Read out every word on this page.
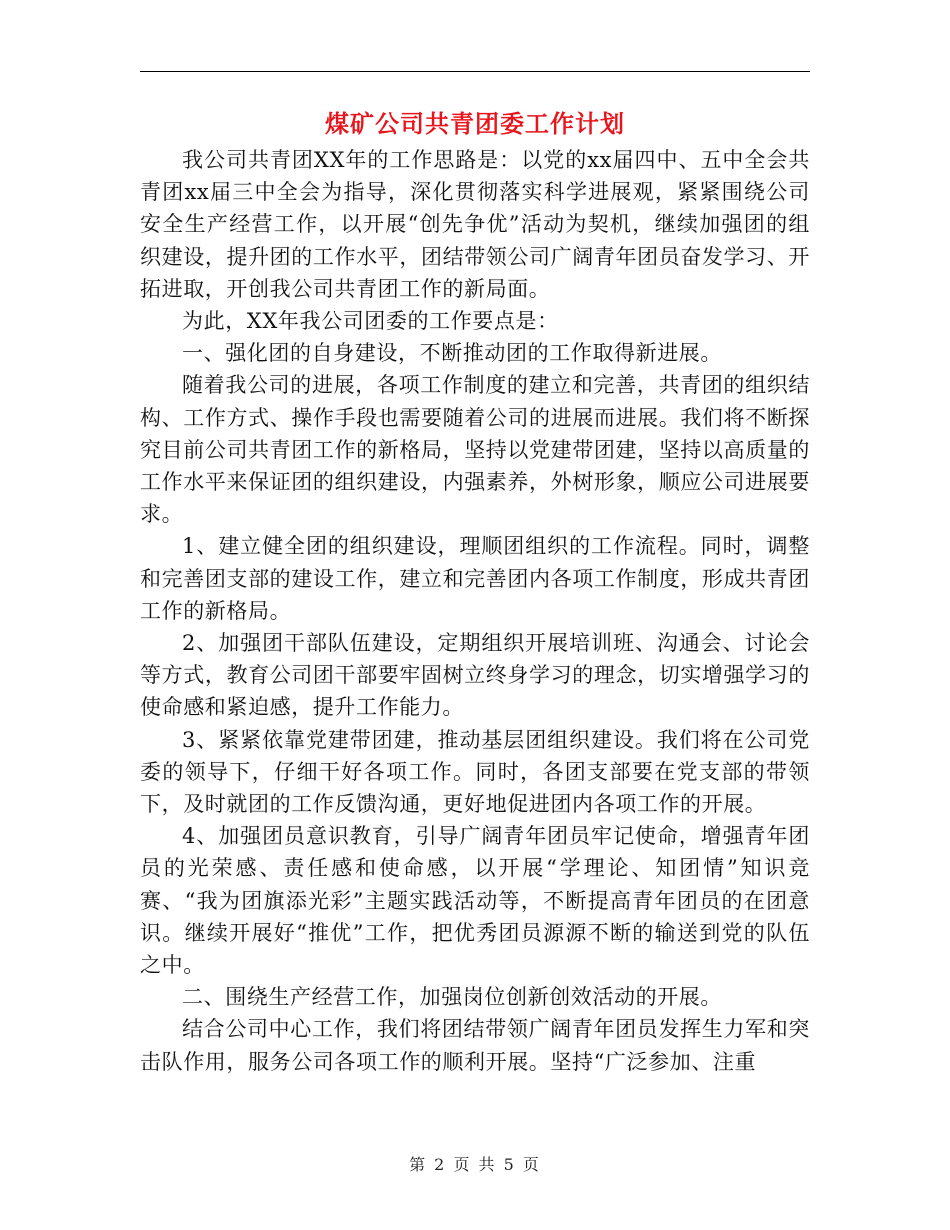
煤矿公司共青团委工作计划

我公司共青团XX年的工作思路是：以党的xx届四中、五中全会共青团xx届三中全会为指导，深化贯彻落实科学进展观，紧紧围绕公司安全生产经营工作，以开展“创先争优”活动为契机，继续加强团的组织建设，提升团的工作水平，团结带领公司广阔青年团员奋发学习、开拓进取，开创我公司共青团工作的新局面。

为此，XX年我公司团委的工作要点是：

一、强化团的自身建设，不断推动团的工作取得新进展。

随着我公司的进展，各项工作制度的建立和完善，共青团的组织结构、工作方式、操作手段也需要随着公司的进展而进展。我们将不断探究目前公司共青团工作的新格局，坚持以党建带团建，坚持以高质量的工作水平来保证团的组织建设，内强素养，外树形象，顺应公司进展要求。

1、建立健全团的组织建设，理顺团组织的工作流程。同时，调整和完善团支部的建设工作，建立和完善团内各项工作制度，形成共青团工作的新格局。

2、加强团干部队伍建设，定期组织开展培训班、沟通会、讨论会等方式，教育公司团干部要牢固树立终身学习的理念，切实增强学习的使命感和紧迫感，提升工作能力。

3、紧紧依靠党建带团建，推动基层团组织建设。我们将在公司党委的领导下，仔细干好各项工作。同时，各团支部要在党支部的带领下，及时就团的工作反馈沟通，更好地促进团内各项工作的开展。

4、加强团员意识教育，引导广阔青年团员牢记使命，增强青年团员的光荣感、责任感和使命感，以开展“学理论、知团情”知识竞赛、“我为团旗添光彩”主题实践活动等，不断提高青年团员的在团意识。继续开展好“推优”工作，把优秀团员源源不断的输送到党的队伍之中。

二、围绕生产经营工作，加强岗位创新创效活动的开展。

结合公司中心工作，我们将团结带领广阔青年团员发挥生力军和突击队作用，服务公司各项工作的顺利开展。坚持“广泛参加、注重

第 2 页 共 5 页
